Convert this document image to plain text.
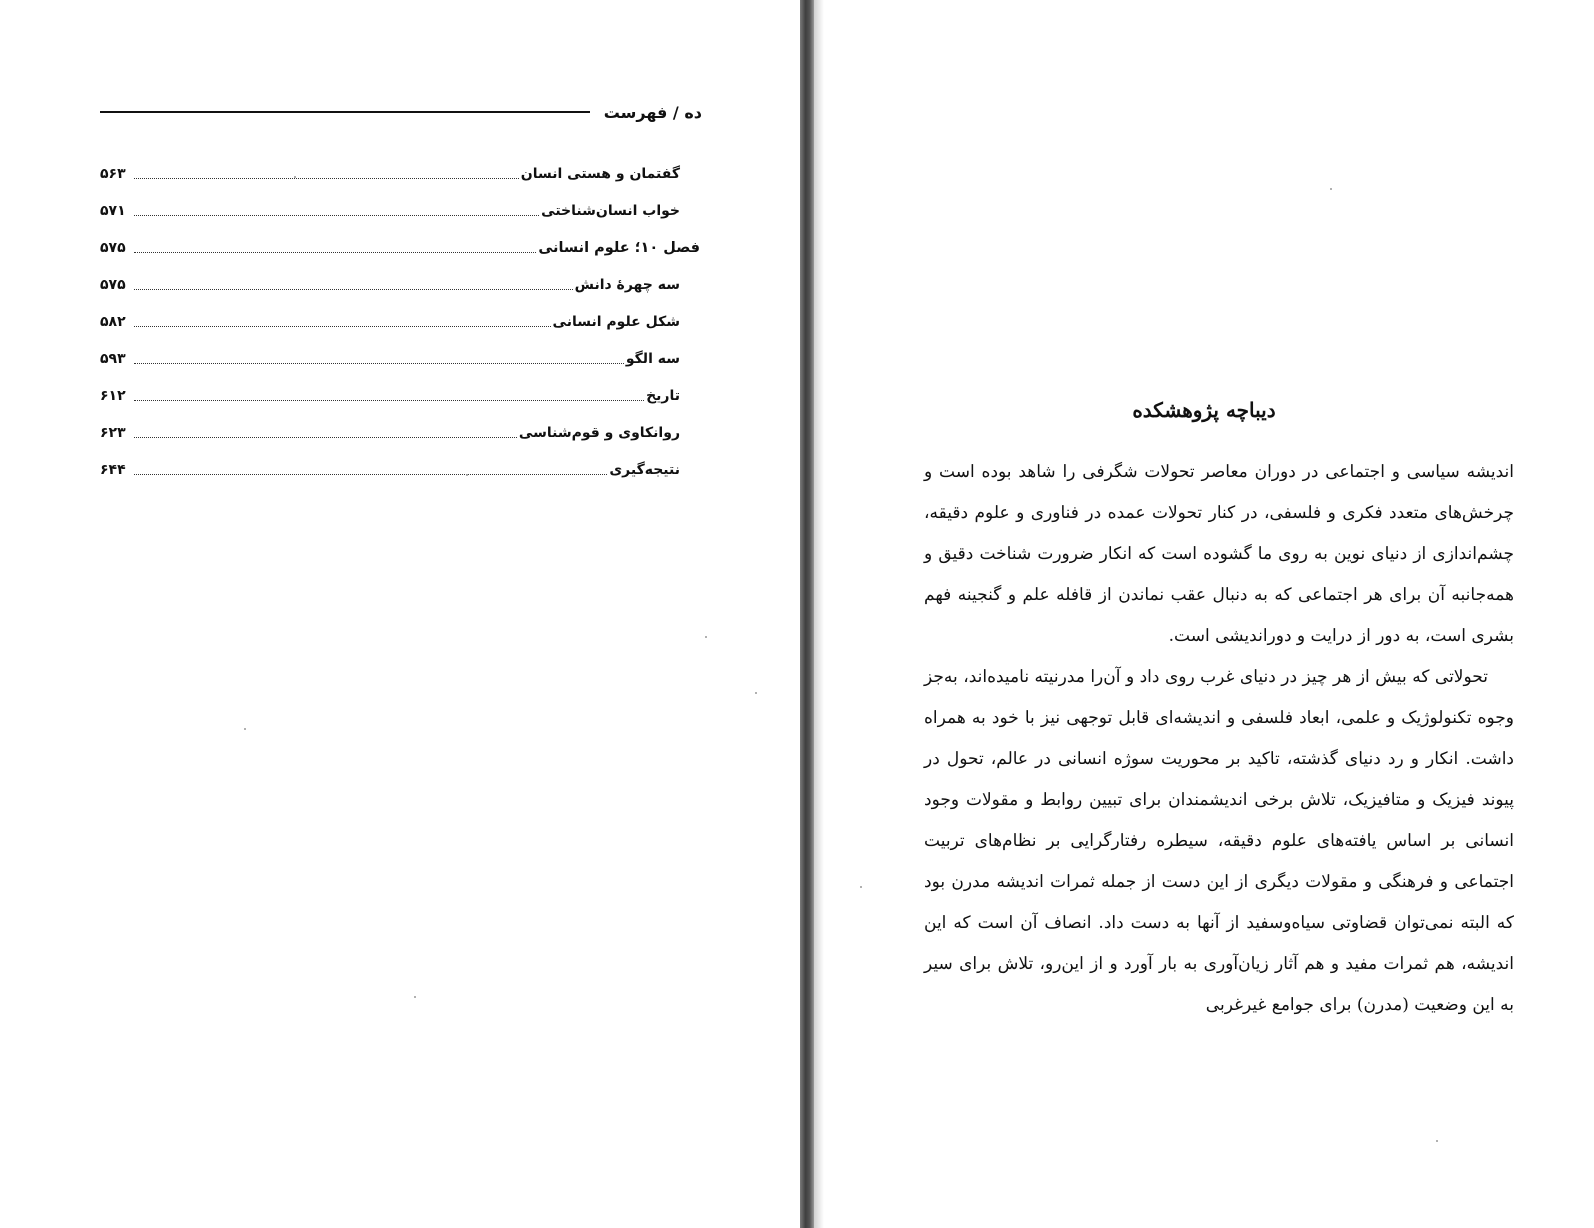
ده / فهرست
گفتمان و هستی انسان
۵۶۳
خواب انسان‌شناختی
۵۷۱
فصل ۱۰؛ علوم انسانی
۵۷۵
سه چهرهٔ دانش
۵۷۵
شکل علوم انسانی
۵۸۲
سه الگو
۵۹۳
تاریخ
۶۱۲
روانکاوی و قوم‌شناسی
۶۲۳
نتیجه‌گیری
۶۴۴
دیباچه پژوهشکده

اندیشه سیاسی و اجتماعی در دوران معاصر تحولات شگرفی را شاهد بوده است و چرخش‌های متعدد فکری و فلسفی، در کنار تحولات عمده در فناوری و علوم دقیقه، چشم‌اندازی از دنیای نوین به روی ما گشوده است که انکار ضرورت شناخت دقیق و همه‌جانبه آن برای هر اجتماعی که به دنبال عقب نماندن از قافله علم و گنجینه فهم بشری است، به دور از درایت و دوراندیشی است.

تحولاتی که بیش از هر چیز در دنیای غرب روی داد و آن‌را مدرنیته نامیده‌اند، به‌جز وجوه تکنولوژیک و علمی، ابعاد فلسفی و اندیشه‌ای قابل توجهی نیز با خود به همراه داشت. انکار و رد دنیای گذشته، تاکید بر محوریت سوژه انسانی در عالم، تحول در پیوند فیزیک و متافیزیک، تلاش برخی اندیشمندان برای تبیین روابط و مقولات وجود انسانی بر اساس یافته‌های علوم دقیقه، سیطره رفتارگرایی بر نظام‌های تربیت اجتماعی و فرهنگی و مقولات دیگری از این دست از جمله ثمرات اندیشه مدرن بود که البته نمی‌توان قضاوتی سیاه‌وسفید از آنها به دست داد. انصاف آن است که این اندیشه، هم ثمرات مفید و هم آثار زیان‌آوری به بار آورد و از این‌رو، تلاش برای سیر به این وضعیت (مدرن) برای جوامع غیرغربی
